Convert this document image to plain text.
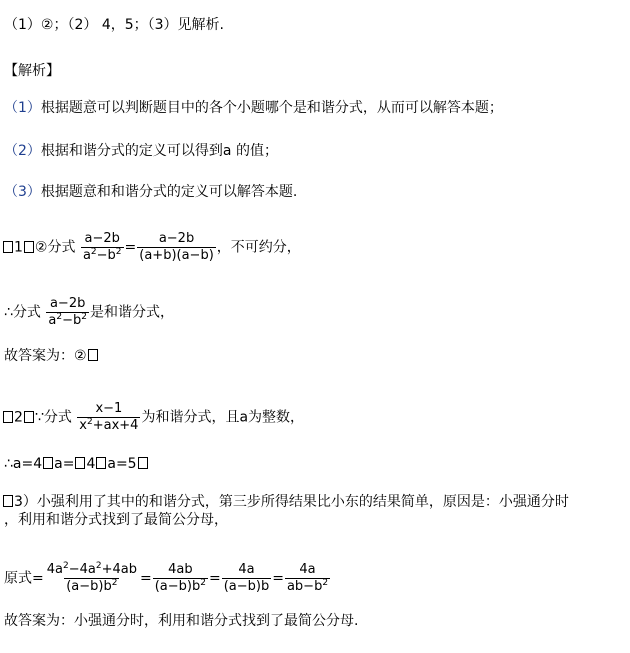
（1）②；（2） 4，5；（3）见解析.
【解析】
（1）根据题意可以判断题目中的各个小题哪个是和谐分式，从而可以解答本题；
（2）根据和谐分式的定义可以得到a 的值；
（3）根据题意和和谐分式的定义可以解答本题.
1 ②分式 $\frac{a-2b}{a^2-b^2} = \frac{a-2b}{(a+b)(a-b)}$ ，不可约分，
∴分式 $\frac{a-2b}{a^2-b^2}$ 是和谐分式，
故答案为：②
2 ∵分式 $\frac{x-1}{x^2+ax+4}$ 为和谐分式，且a为整数，
∴a=4 a= 4 a=5
3）小强利用了其中的和谐分式，第三步所得结果比小东的结果简单，原因是：小强通分时
，利用和谐分式找到了最简公分母，
原式= $\frac{4a^2-4a^2+4ab}{(a-b)b^2} = \frac{4ab}{(a-b)b^2} = \frac{4a}{(a-b)b} = \frac{4a}{ab-b^2}$
故答案为：小强通分时，利用和谐分式找到了最简公分母.
